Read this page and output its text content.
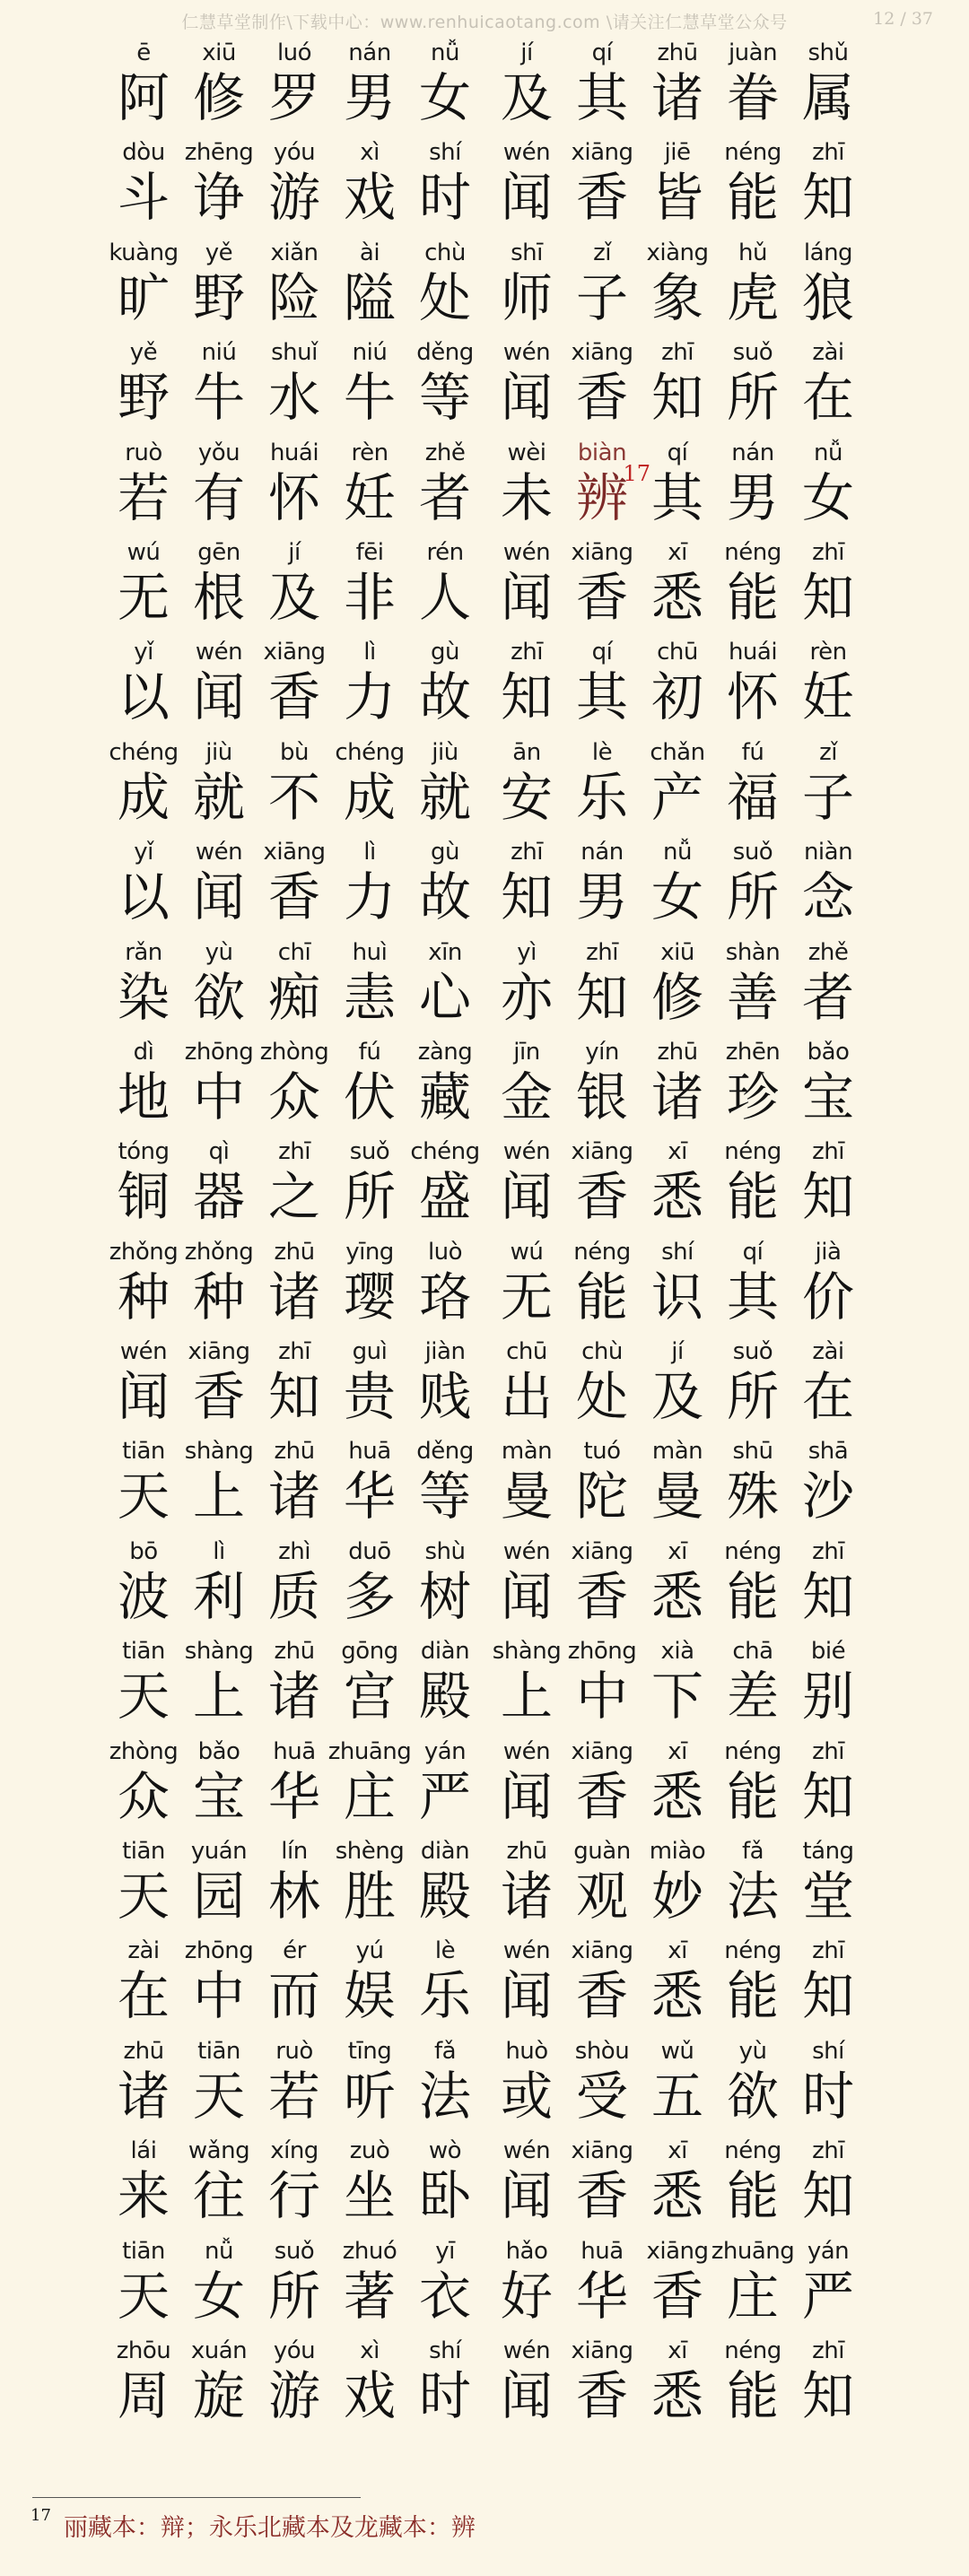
仁慧草堂制作\下载中心：www.renhuicaotang.com \请关注仁慧草堂公众号	12 / 37
ē
阿
xiū
修
luó
罗
nán
男
nǚ
女
jí
及
qí
其
zhū
诸
juàn
眷
shǔ
属
dòu
斗
zhēng
诤
yóu
游
xì
戏
shí
时
wén
闻
xiāng
香
jiē
皆
néng
能
zhī
知
kuàng
旷
yě
野
xiǎn
险
ài
隘
chù
处
shī
师
zǐ
子
xiàng
象
hǔ
虎
láng
狼
yě
野
niú
牛
shuǐ
水
niú
牛
děng
等
wén
闻
xiāng
香
zhī
知
suǒ
所
zài
在
ruò
若
yǒu
有
huái
怀
rèn
妊
zhě
者
wèi
未
biàn
辨
17
qí
其
nán
男
nǚ
女
wú
无
gēn
根
jí
及
fēi
非
rén
人
wén
闻
xiāng
香
xī
悉
néng
能
zhī
知
yǐ
以
wén
闻
xiāng
香
lì
力
gù
故
zhī
知
qí
其
chū
初
huái
怀
rèn
妊
chéng
成
jiù
就
bù
不
chéng
成
jiù
就
ān
安
lè
乐
chǎn
产
fú
福
zǐ
子
yǐ
以
wén
闻
xiāng
香
lì
力
gù
故
zhī
知
nán
男
nǚ
女
suǒ
所
niàn
念
rǎn
染
yù
欲
chī
痴
huì
恚
xīn
心
yì
亦
zhī
知
xiū
修
shàn
善
zhě
者
dì
地
zhōng
中
zhòng
众
fú
伏
zàng
藏
jīn
金
yín
银
zhū
诸
zhēn
珍
bǎo
宝
tóng
铜
qì
器
zhī
之
suǒ
所
chéng
盛
wén
闻
xiāng
香
xī
悉
néng
能
zhī
知
zhǒng
种
zhǒng
种
zhū
诸
yīng
璎
luò
珞
wú
无
néng
能
shí
识
qí
其
jià
价
wén
闻
xiāng
香
zhī
知
guì
贵
jiàn
贱
chū
出
chù
处
jí
及
suǒ
所
zài
在
tiān
天
shàng
上
zhū
诸
huā
华
děng
等
màn
曼
tuó
陀
màn
曼
shū
殊
shā
沙
bō
波
lì
利
zhì
质
duō
多
shù
树
wén
闻
xiāng
香
xī
悉
néng
能
zhī
知
tiān
天
shàng
上
zhū
诸
gōng
宫
diàn
殿
shàng
上
zhōng
中
xià
下
chā
差
bié
别
zhòng
众
bǎo
宝
huā
华
zhuāng
庄
yán
严
wén
闻
xiāng
香
xī
悉
néng
能
zhī
知
tiān
天
yuán
园
lín
林
shèng
胜
diàn
殿
zhū
诸
guàn
观
miào
妙
fǎ
法
táng
堂
zài
在
zhōng
中
ér
而
yú
娱
lè
乐
wén
闻
xiāng
香
xī
悉
néng
能
zhī
知
zhū
诸
tiān
天
ruò
若
tīng
听
fǎ
法
huò
或
shòu
受
wǔ
五
yù
欲
shí
时
lái
来
wǎng
往
xíng
行
zuò
坐
wò
卧
wén
闻
xiāng
香
xī
悉
néng
能
zhī
知
tiān
天
nǚ
女
suǒ
所
zhuó
著
yī
衣
hǎo
好
huā
华
xiāng
香
zhuāng
庄
yán
严
zhōu
周
xuán
旋
yóu
游
xì
戏
shí
时
wén
闻
xiāng
香
xī
悉
néng
能
zhī
知
17 丽藏本：辩；永乐北藏本及龙藏本：辨
